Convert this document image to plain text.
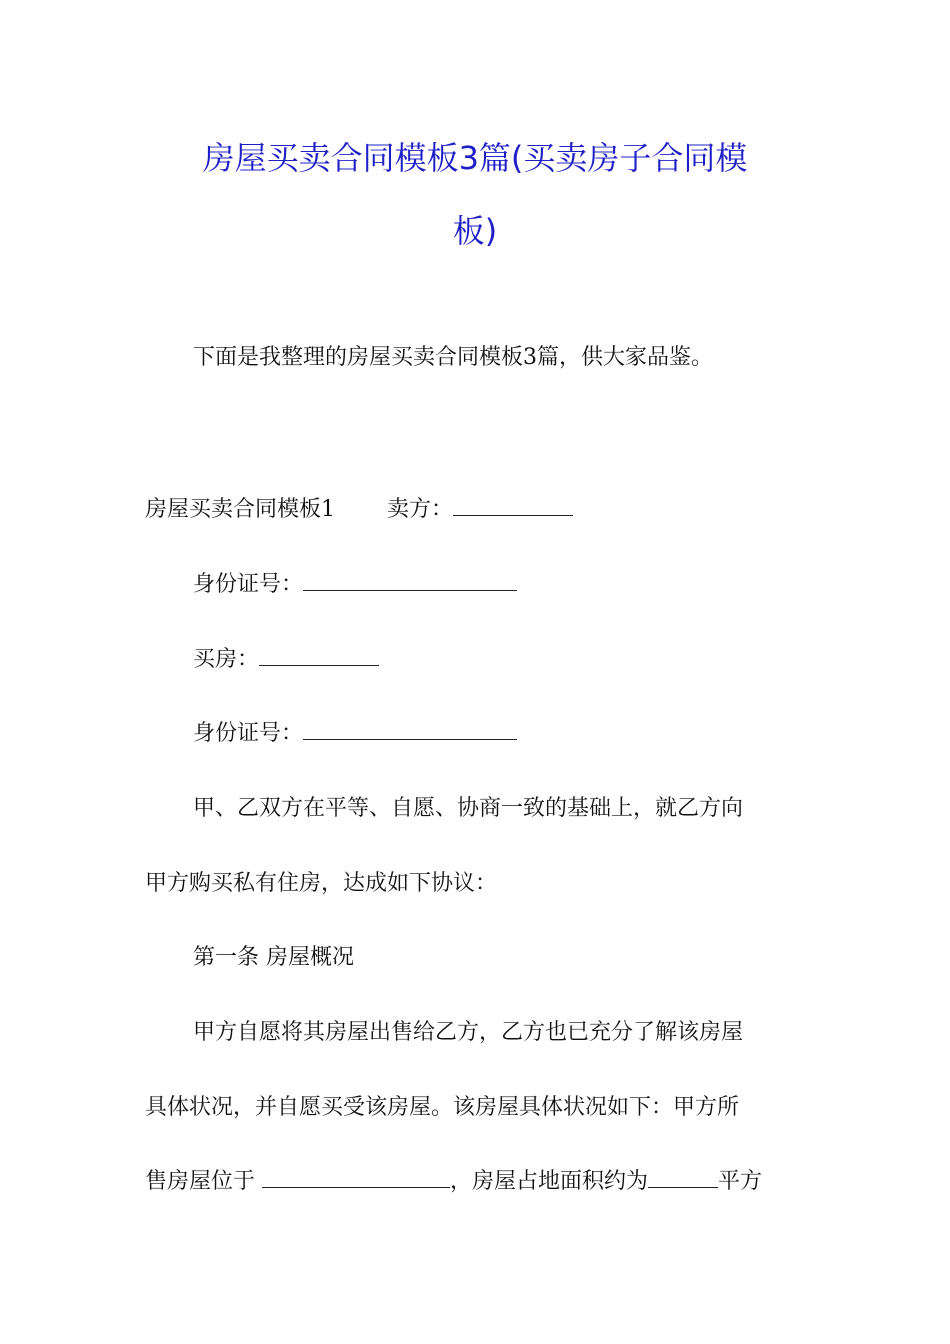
房屋买卖合同模板3篇(买卖房子合同模
板)
下面是我整理的房屋买卖合同模板3篇，供大家品鉴。
房屋买卖合同模板1 卖方：
身份证号：
买房：
身份证号：
甲、乙双方在平等、自愿、协商一致的基础上，就乙方向
甲方购买私有住房，达成如下协议：
第一条 房屋概况
甲方自愿将其房屋出售给乙方，乙方也已充分了解该房屋
具体状况，并自愿买受该房屋。该房屋具体状况如下：甲方所
售房屋位于	，房屋占地面积约为	平方
